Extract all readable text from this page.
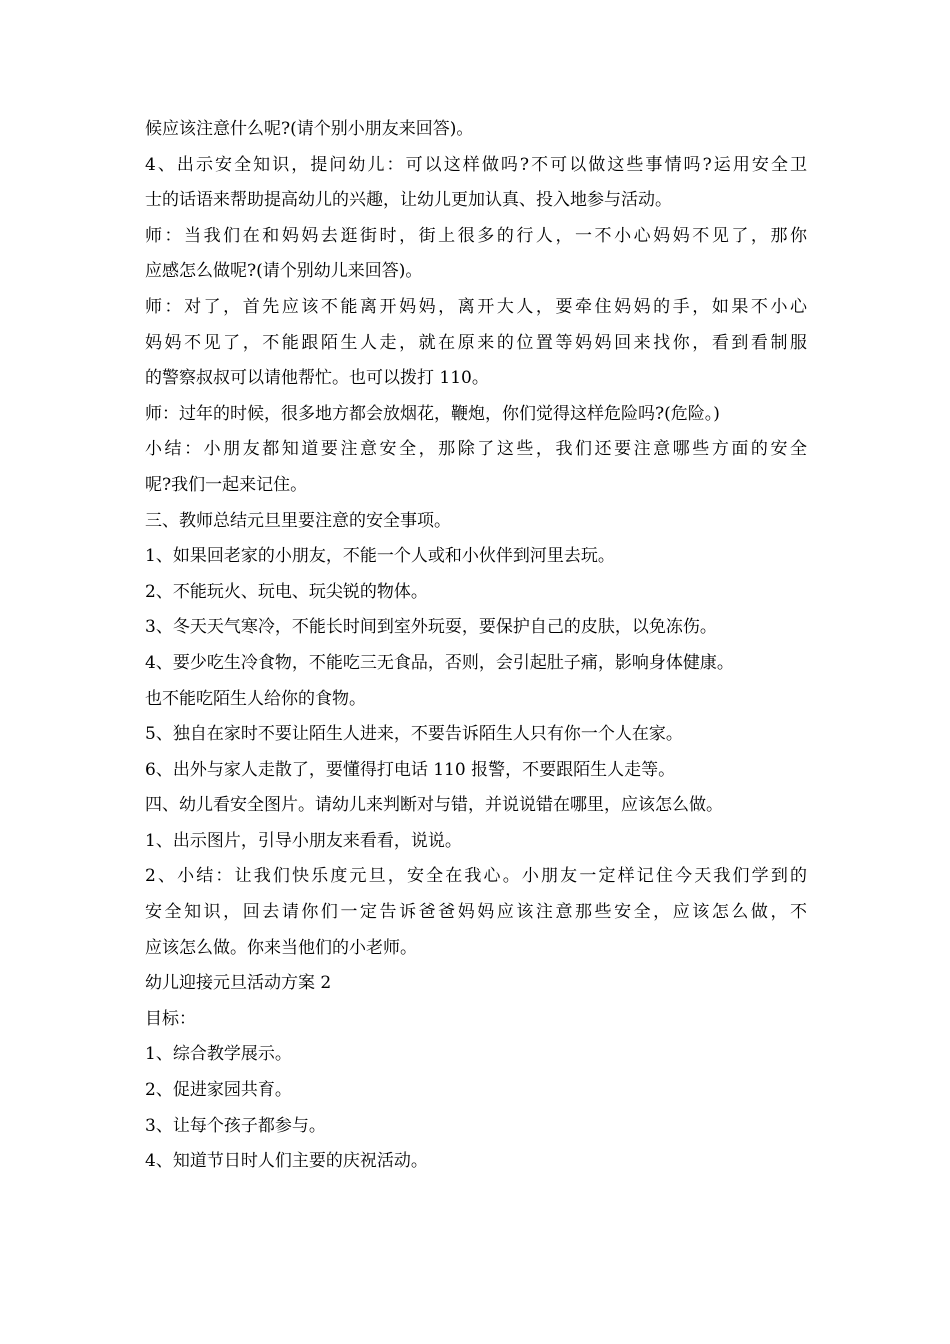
候应该注意什么呢?(请个别小朋友来回答)。
4、出示安全知识，提问幼儿：可以这样做吗?不可以做这些事情吗?运用安全卫
士的话语来帮助提高幼儿的兴趣，让幼儿更加认真、投入地参与活动。
师：当我们在和妈妈去逛街时，街上很多的行人，一不小心妈妈不见了，那你
应感怎么做呢?(请个别幼儿来回答)。
师：对了，首先应该不能离开妈妈，离开大人，要牵住妈妈的手，如果不小心
妈妈不见了，不能跟陌生人走，就在原来的位置等妈妈回来找你，看到看制服
的警察叔叔可以请他帮忙。也可以拨打 110。
师：过年的时候，很多地方都会放烟花，鞭炮，你们觉得这样危险吗?(危险。)
小结：小朋友都知道要注意安全，那除了这些，我们还要注意哪些方面的安全
呢?我们一起来记住。
三、教师总结元旦里要注意的安全事项。
1、如果回老家的小朋友，不能一个人或和小伙伴到河里去玩。
2、不能玩火、玩电、玩尖锐的物体。
3、冬天天气寒冷，不能长时间到室外玩耍，要保护自己的皮肤，以免冻伤。
4、要少吃生冷食物，不能吃三无食品，否则，会引起肚子痛，影响身体健康。
也不能吃陌生人给你的食物。
5、独自在家时不要让陌生人进来，不要告诉陌生人只有你一个人在家。
6、出外与家人走散了，要懂得打电话 110 报警，不要跟陌生人走等。
四、幼儿看安全图片。请幼儿来判断对与错，并说说错在哪里，应该怎么做。
1、出示图片，引导小朋友来看看，说说。
2、小结：让我们快乐度元旦，安全在我心。小朋友一定样记住今天我们学到的
安全知识，回去请你们一定告诉爸爸妈妈应该注意那些安全，应该怎么做，不
应该怎么做。你来当他们的小老师。
幼儿迎接元旦活动方案 2
目标：
1、综合教学展示。
2、促进家园共育。
3、让每个孩子都参与。
4、知道节日时人们主要的庆祝活动。
